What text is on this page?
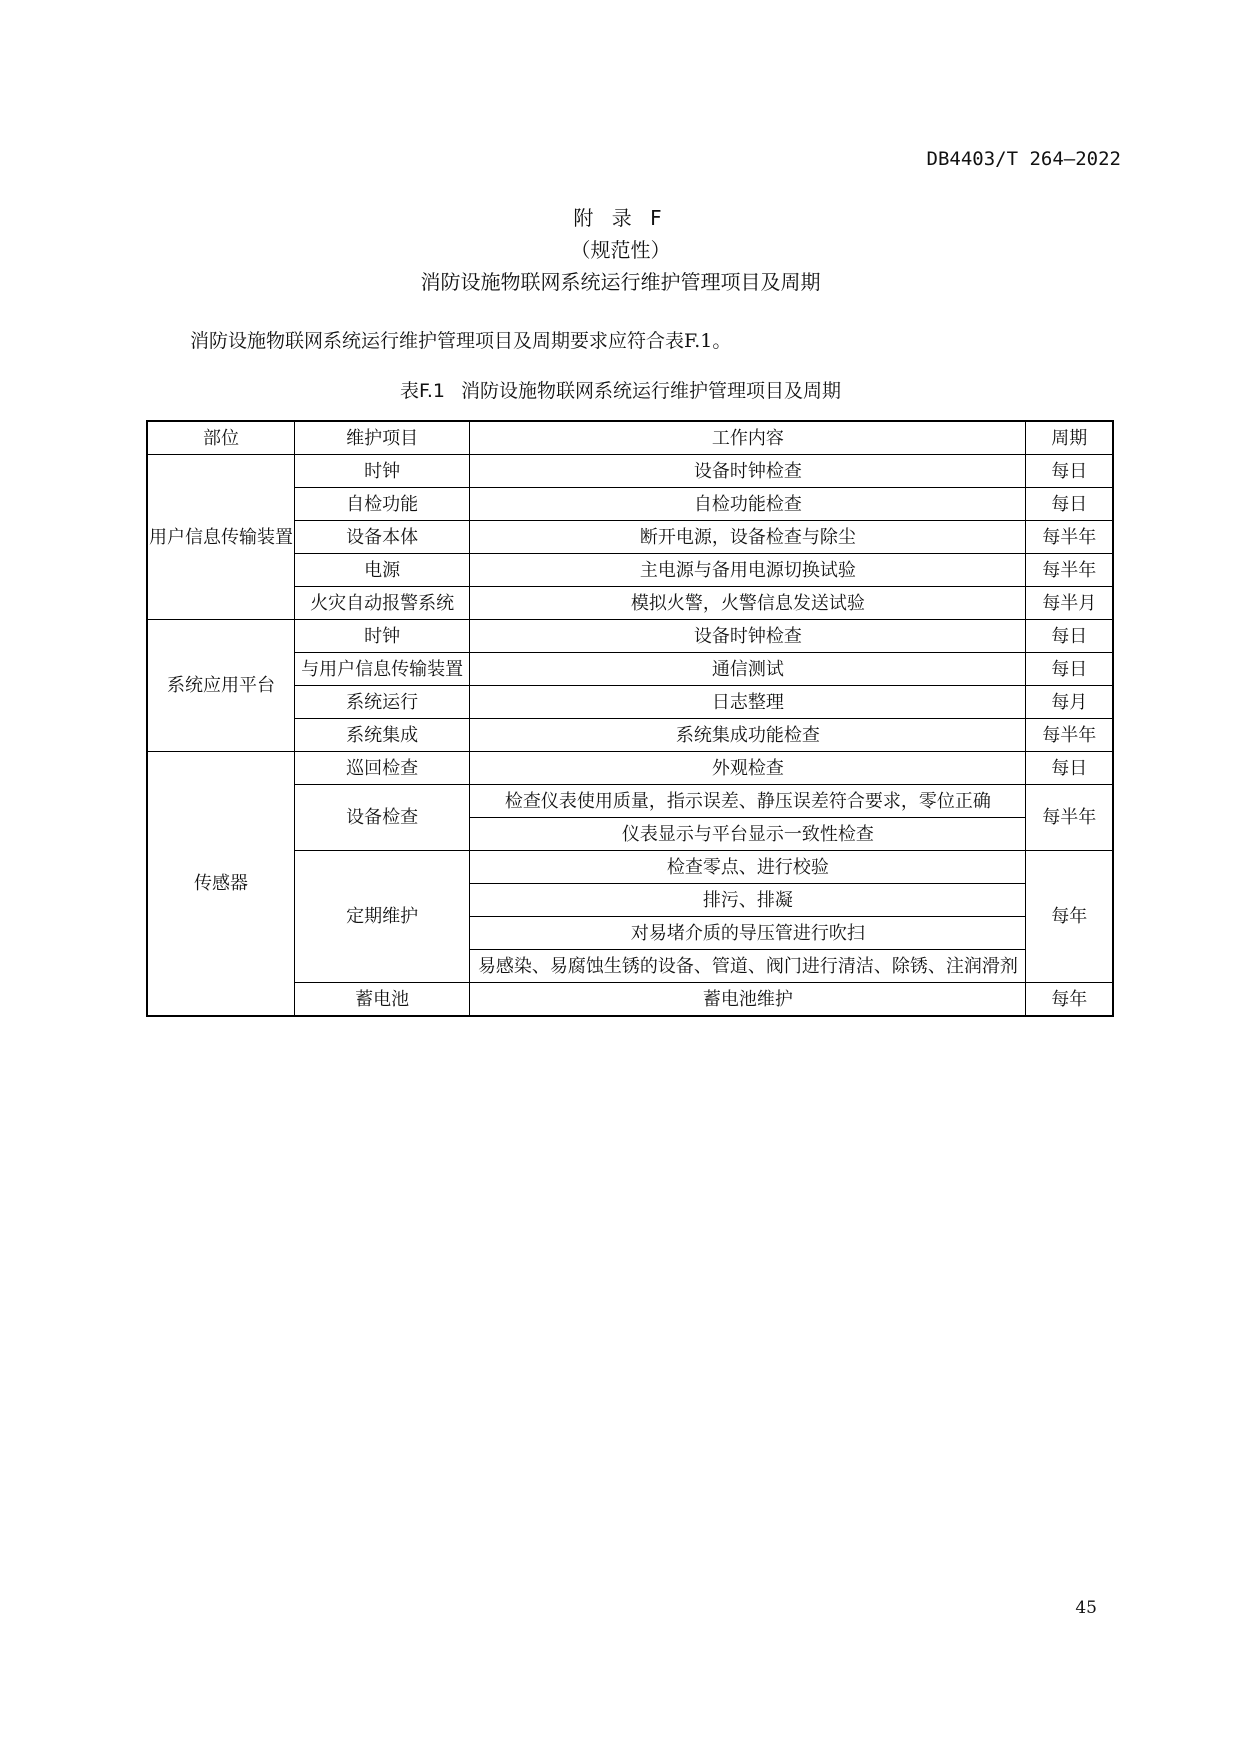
DB4403/T 264—2022
附 录 F
（规范性）
消防设施物联网系统运行维护管理项目及周期
消防设施物联网系统运行维护管理项目及周期要求应符合表F.1。
表F.1 消防设施物联网系统运行维护管理项目及周期
部位	维护项目	工作内容	周期
用户信息传输装置	时钟	设备时钟检查	每日
	自检功能	自检功能检查	每日
	设备本体	断开电源，设备检查与除尘	每半年
	电源	主电源与备用电源切换试验	每半年
	火灾自动报警系统	模拟火警，火警信息发送试验	每半月
系统应用平台	时钟	设备时钟检查	每日
	与用户信息传输装置	通信测试	每日
	系统运行	日志整理	每月
	系统集成	系统集成功能检查	每半年
传感器	巡回检查	外观检查	每日
	设备检查	检查仪表使用质量，指示误差、静压误差符合要求，零位正确	每半年
		仪表显示与平台显示一致性检查	
	定期维护	检查零点、进行校验	每年
		排污、排凝	
		对易堵介质的导压管进行吹扫	
		易感染、易腐蚀生锈的设备、管道、阀门进行清洁、除锈、注润滑剂	
	蓄电池	蓄电池维护	每年
45
